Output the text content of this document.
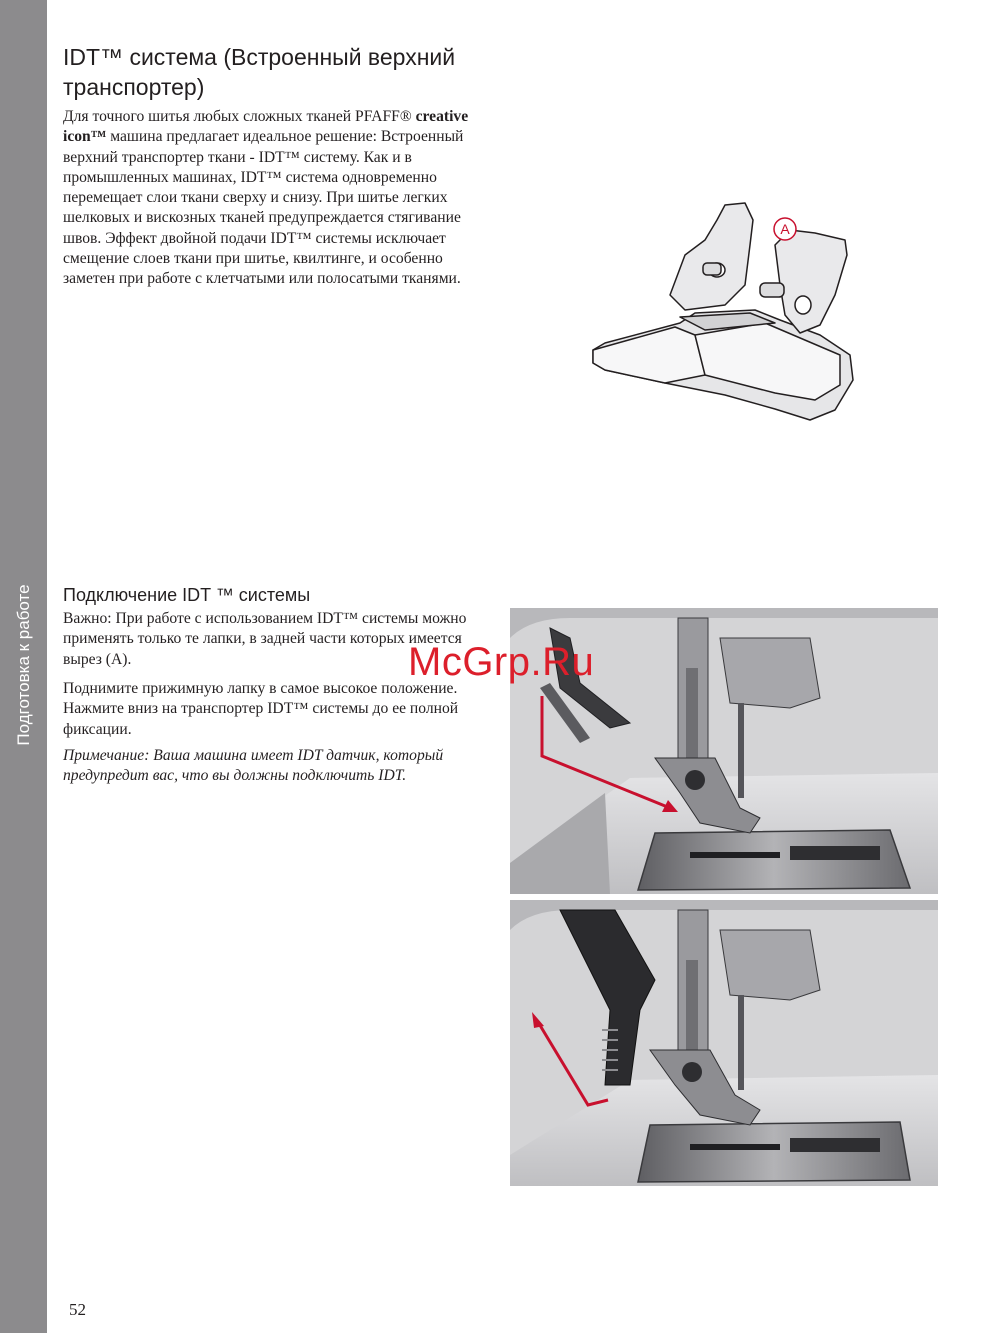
Подготовка к работе
IDT™ система (Встроенный верхний транспортер)

Для точного шитья любых сложных тканей PFAFF® creative icon™ машина предлагает идеальное решение: Встроенный верхний транспортер ткани - IDT™ систему. Как и в промышленных машинах, IDT™ система одновременно перемещает слои ткани сверху и снизу. При шитье легких шелковых и вискозных тканей предупреждается стягивание швов. Эффект двойной подачи IDT™ системы исключает смещение слоев ткани при шитье, квилтинге, и особенно заметен при работе с клетчатыми или полосатыми тканями.

A
Подключение IDT ™ системы

Важно: При работе с использованием IDT™ системы можно применять только те лапки, в задней части которых имеется вырез (A).

Поднимите прижимную лапку в самое высокое положение. Нажмите вниз на транспортер IDT™ системы до ее полной фиксации.

Примечание: Ваша машина имеет IDT датчик, который предупредит вас, что вы должны подключить IDT.

McGrp.Ru
52
